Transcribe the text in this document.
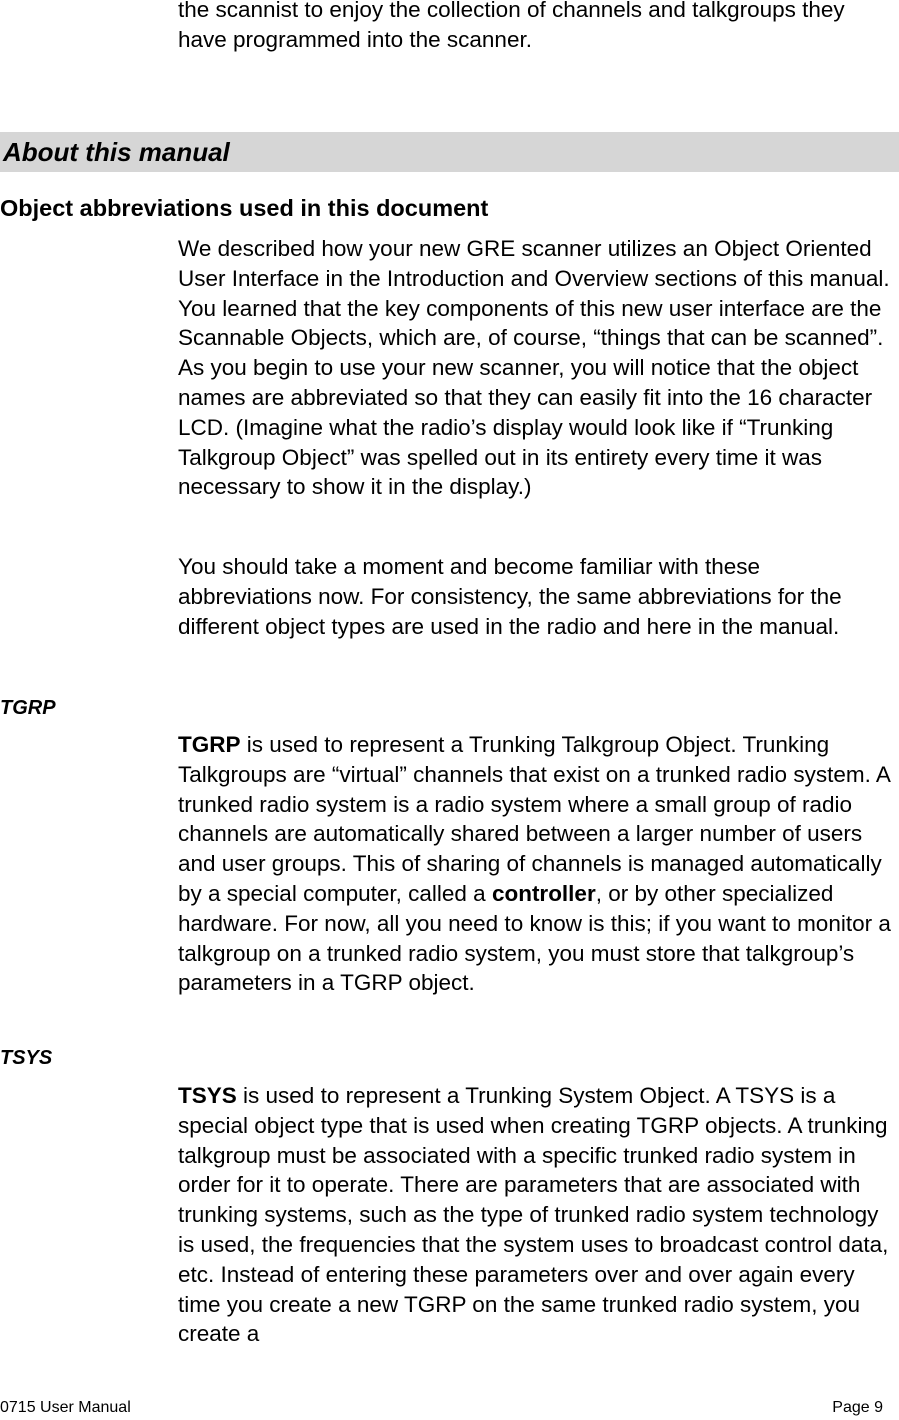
the scannist to enjoy the collection of channels and talkgroups they have programmed into the scanner.

About this manual
Object abbreviations used in this document

We described how your new GRE scanner utilizes an Object Oriented User Interface in the Introduction and Overview sections of this manual. You learned that the key components of this new user interface are the Scannable Objects, which are, of course, “things that can be scanned”. As you begin to use your new scanner, you will notice that the object names are abbreviated so that they can easily fit into the 16 character LCD. (Imagine what the radio’s display would look like if “Trunking Talkgroup Object” was spelled out in its entirety every time it was necessary to show it in the display.)

You should take a moment and become familiar with these abbreviations now. For consistency, the same abbreviations for the different object types are used in the radio and here in the manual.

TGRP

TGRP is used to represent a Trunking Talkgroup Object. Trunking Talkgroups are “virtual” channels that exist on a trunked radio system. A trunked radio system is a radio system where a small group of radio channels are automatically shared between a larger number of users and user groups. This of sharing of channels is managed automatically by a special computer, called a controller, or by other specialized hardware. For now, all you need to know is this; if you want to monitor a talkgroup on a trunked radio system, you must store that talkgroup’s parameters in a TGRP object.

TSYS

TSYS is used to represent a Trunking System Object. A TSYS is a special object type that is used when creating TGRP objects. A trunking talkgroup must be associated with a specific trunked radio system in order for it to operate. There are parameters that are associated with trunking systems, such as the type of trunked radio system technology is used, the frequencies that the system uses to broadcast control data, etc. Instead of entering these parameters over and over again every time you create a new TGRP on the same trunked radio system, you create a

0715 User Manual	Page 9
